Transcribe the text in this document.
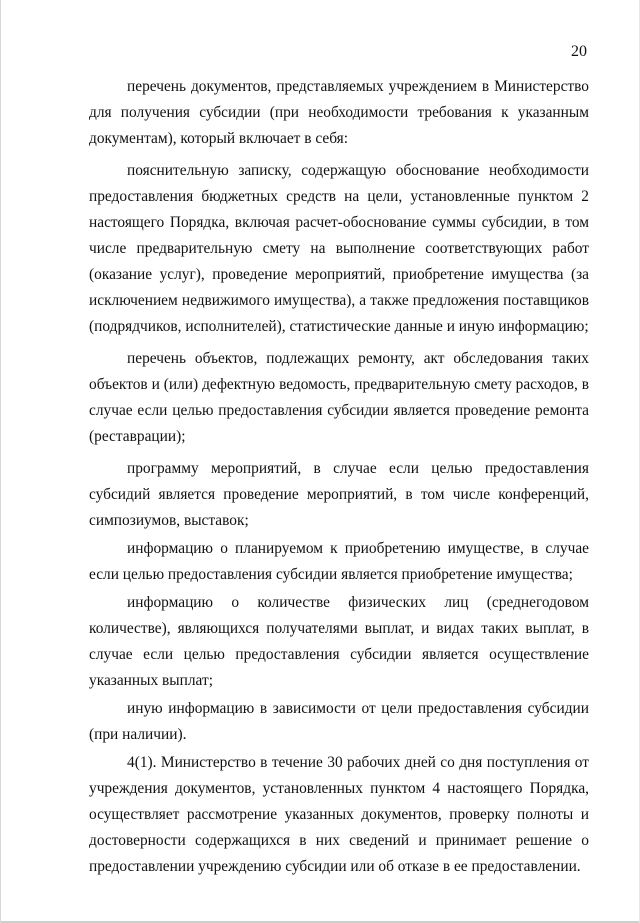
20

перечень документов, представляемых учреждением в Министерство для получения субсидии (при необходимости требования к указанным документам), который включает в себя:

пояснительную записку, содержащую обоснование необходимости предоставления бюджетных средств на цели, установленные пунктом 2 настоящего Порядка, включая расчет-обоснование суммы субсидии, в том числе предварительную смету на выполнение соответствующих работ (оказание услуг), проведение мероприятий, приобретение имущества (за исключением недвижимого имущества), а также предложения поставщиков (подрядчиков, исполнителей), статистические данные и иную информацию;

перечень объектов, подлежащих ремонту, акт обследования таких объектов и (или) дефектную ведомость, предварительную смету расходов, в случае если целью предоставления субсидии является проведение ремонта (реставрации);

программу мероприятий, в случае если целью предоставления субсидий является проведение мероприятий, в том числе конференций, симпозиумов, выставок;

информацию о планируемом к приобретению имуществе, в случае если целью предоставления субсидии является приобретение имущества;

информацию о количестве физических лиц (среднегодовом количестве), являющихся получателями выплат, и видах таких выплат, в случае если целью предоставления субсидии является осуществление указанных выплат;

иную информацию в зависимости от цели предоставления субсидии (при наличии).

4(1). Министерство в течение 30 рабочих дней со дня поступления от учреждения документов, установленных пунктом 4 настоящего Порядка, осуществляет рассмотрение указанных документов, проверку полноты и достоверности содержащихся в них сведений и принимает решение о предоставлении учреждению субсидии или об отказе в ее предоставлении.
